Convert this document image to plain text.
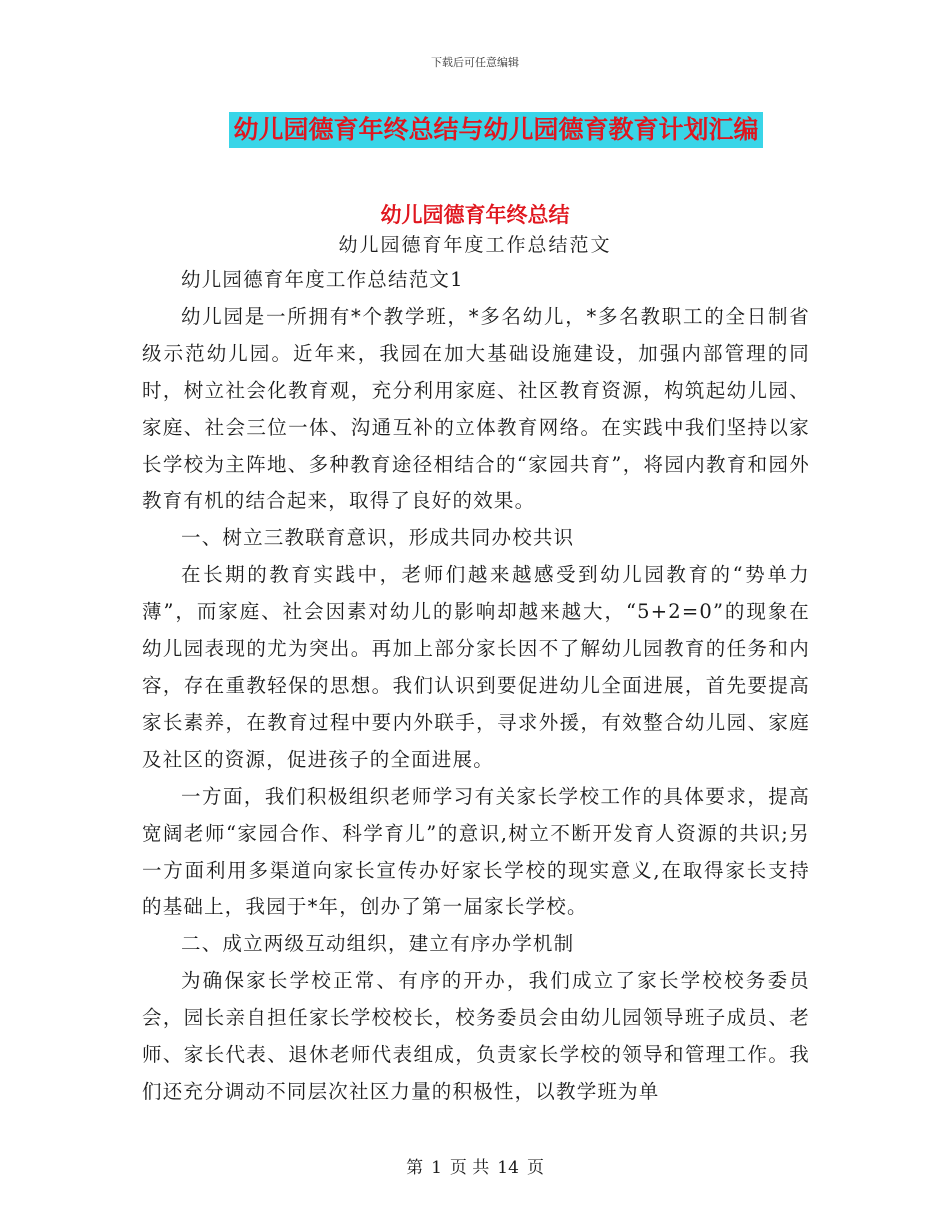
下载后可任意编辑
幼儿园德育年终总结与幼儿园德育教育计划汇编
幼儿园德育年终总结
幼儿园德育年度工作总结范文

幼儿园德育年度工作总结范文1

幼儿园是一所拥有*个教学班，*多名幼儿，*多名教职工的全日制省级示范幼儿园。近年来，我园在加大基础设施建设，加强内部管理的同时，树立社会化教育观，充分利用家庭、社区教育资源，构筑起幼儿园、家庭、社会三位一体、沟通互补的立体教育网络。在实践中我们坚持以家长学校为主阵地、多种教育途径相结合的“家园共育”，将园内教育和园外教育有机的结合起来，取得了良好的效果。

一、树立三教联育意识，形成共同办校共识

在长期的教育实践中，老师们越来越感受到幼儿园教育的“势单力薄”，而家庭、社会因素对幼儿的影响却越来越大，“5+2=0”的现象在幼儿园表现的尤为突出。再加上部分家长因不了解幼儿园教育的任务和内容，存在重教轻保的思想。我们认识到要促进幼儿全面进展，首先要提高家长素养，在教育过程中要内外联手，寻求外援，有效整合幼儿园、家庭及社区的资源，促进孩子的全面进展。

一方面，我们积极组织老师学习有关家长学校工作的具体要求，提高宽阔老师“家园合作、科学育儿”的意识,树立不断开发育人资源的共识;另一方面利用多渠道向家长宣传办好家长学校的现实意义,在取得家长支持的基础上，我园于*年，创办了第一届家长学校。

二、成立两级互动组织，建立有序办学机制

为确保家长学校正常、有序的开办，我们成立了家长学校校务委员会，园长亲自担任家长学校校长，校务委员会由幼儿园领导班子成员、老师、家长代表、退休老师代表组成，负责家长学校的领导和管理工作。我们还充分调动不同层次社区力量的积极性，以教学班为单

第 1 页 共 14 页
